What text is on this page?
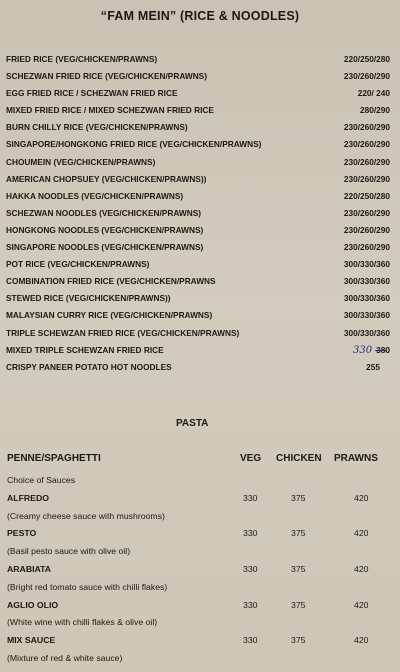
“FAM MEIN” (RICE & NOODLES)
FRIED RICE (VEG/CHICKEN/PRAWNS)	220/250/280
SCHEZWAN FRIED RICE (VEG/CHICKEN/PRAWNS)	230/260/290
EGG FRIED RICE / SCHEZWAN FRIED RICE	220/ 240
MIXED FRIED RICE / MIXED SCHEZWAN FRIED RICE	280/290
BURN CHILLY RICE (VEG/CHICKEN/PRAWNS)	230/260/290
SINGAPORE/HONGKONG FRIED RICE (VEG/CHICKEN/PRAWNS)	230/260/290
CHOUMEIN (VEG/CHICKEN/PRAWNS)	230/260/290
AMERICAN CHOPSUEY (VEG/CHICKEN/PRAWNS))	230/260/290
HAKKA NOODLES (VEG/CHICKEN/PRAWNS)	220/250/280
SCHEZWAN NOODLES (VEG/CHICKEN/PRAWNS)	230/260/290
HONGKONG NOODLES (VEG/CHICKEN/PRAWNS)	230/260/290
SINGAPORE NOODLES (VEG/CHICKEN/PRAWNS)	230/260/290
POT RICE (VEG/CHICKEN/PRAWNS)	300/330/360
COMBINATION FRIED RICE (VEG/CHICKEN/PRAWNS	300/330/360
STEWED RICE (VEG/CHICKEN/PRAWNS))	300/330/360
MALAYSIAN CURRY RICE (VEG/CHICKEN/PRAWNS)	300/330/360
TRIPLE SCHEWZAN FRIED RICE (VEG/CHICKEN/PRAWNS)	300/330/360
MIXED TRIPLE SCHEWZAN FRIED RICE	330 380
CRISPY PANEER POTATO HOT NOODLES	255
PASTA
PENNE/SPAGHETTI	VEG CHICKEN PRAWNS
Choice of Sauces
ALFREDO	330	375	420
(Creamy cheese sauce with mushrooms)
PESTO	330	375	420
(Basil pesto sauce with olive oil)
ARABIATA	330	375	420
(Bright red tomato sauce with chilli flakes)
AGLIO OLIO	330	375	420
(White wine with chilli flakes & olive oil)
MIX SAUCE	330	375	420
(Mixture of red & white sauce)
